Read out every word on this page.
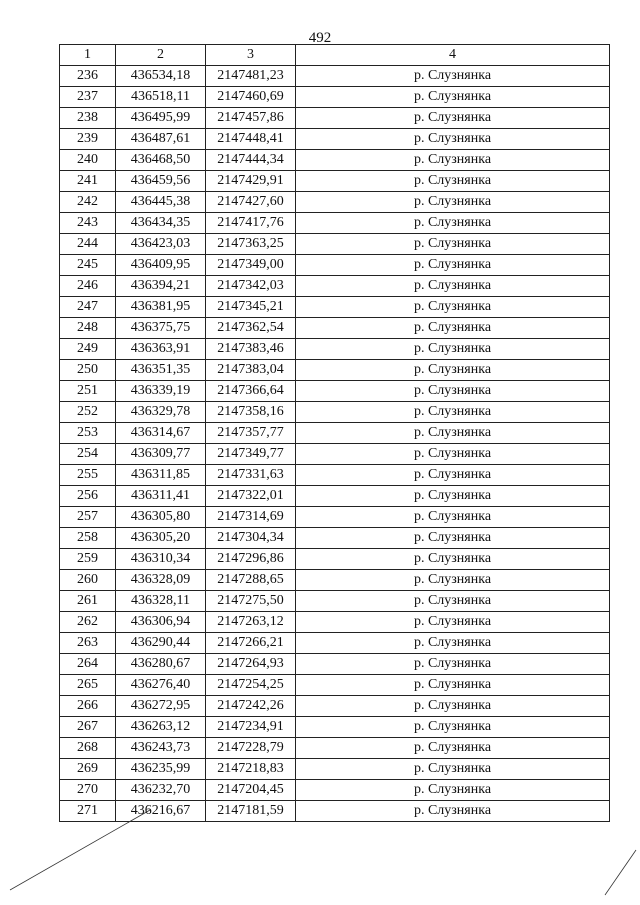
492
1	2	3	4
236	436534,18	2147481,23	р. Слузнянка
237	436518,11	2147460,69	р. Слузнянка
238	436495,99	2147457,86	р. Слузнянка
239	436487,61	2147448,41	р. Слузнянка
240	436468,50	2147444,34	р. Слузнянка
241	436459,56	2147429,91	р. Слузнянка
242	436445,38	2147427,60	р. Слузнянка
243	436434,35	2147417,76	р. Слузнянка
244	436423,03	2147363,25	р. Слузнянка
245	436409,95	2147349,00	р. Слузнянка
246	436394,21	2147342,03	р. Слузнянка
247	436381,95	2147345,21	р. Слузнянка
248	436375,75	2147362,54	р. Слузнянка
249	436363,91	2147383,46	р. Слузнянка
250	436351,35	2147383,04	р. Слузнянка
251	436339,19	2147366,64	р. Слузнянка
252	436329,78	2147358,16	р. Слузнянка
253	436314,67	2147357,77	р. Слузнянка
254	436309,77	2147349,77	р. Слузнянка
255	436311,85	2147331,63	р. Слузнянка
256	436311,41	2147322,01	р. Слузнянка
257	436305,80	2147314,69	р. Слузнянка
258	436305,20	2147304,34	р. Слузнянка
259	436310,34	2147296,86	р. Слузнянка
260	436328,09	2147288,65	р. Слузнянка
261	436328,11	2147275,50	р. Слузнянка
262	436306,94	2147263,12	р. Слузнянка
263	436290,44	2147266,21	р. Слузнянка
264	436280,67	2147264,93	р. Слузнянка
265	436276,40	2147254,25	р. Слузнянка
266	436272,95	2147242,26	р. Слузнянка
267	436263,12	2147234,91	р. Слузнянка
268	436243,73	2147228,79	р. Слузнянка
269	436235,99	2147218,83	р. Слузнянка
270	436232,70	2147204,45	р. Слузнянка
271	436216,67	2147181,59	р. Слузнянка
